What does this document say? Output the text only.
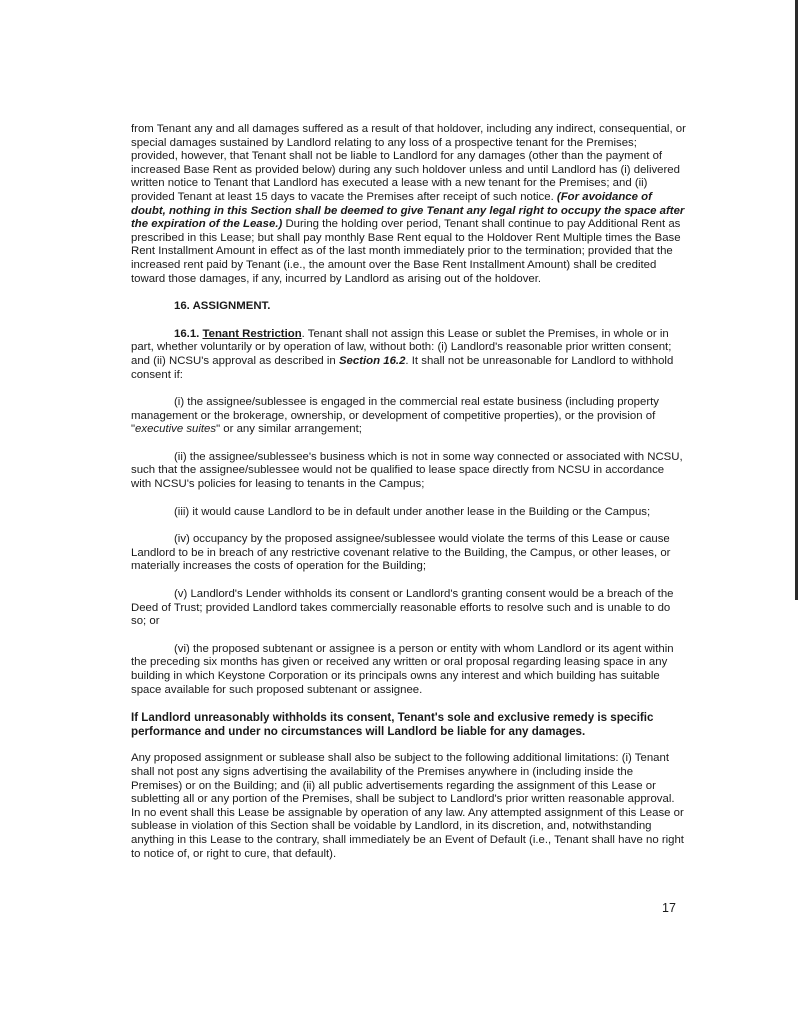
from Tenant any and all damages suffered as a result of that holdover, including any indirect, consequential, or special damages sustained by Landlord relating to any loss of a prospective tenant for the Premises; provided, however, that Tenant shall not be liable to Landlord for any damages (other than the payment of increased Base Rent as provided below) during any such holdover unless and until Landlord has (i) delivered written notice to Tenant that Landlord has executed a lease with a new tenant for the Premises; and (ii) provided Tenant at least 15 days to vacate the Premises after receipt of such notice. (For avoidance of doubt, nothing in this Section shall be deemed to give Tenant any legal right to occupy the space after the expiration of the Lease.) During the holding over period, Tenant shall continue to pay Additional Rent as prescribed in this Lease; but shall pay monthly Base Rent equal to the Holdover Rent Multiple times the Base Rent Installment Amount in effect as of the last month immediately prior to the termination; provided that the increased rent paid by Tenant (i.e., the amount over the Base Rent Installment Amount) shall be credited toward those damages, if any, incurred by Landlord as arising out of the holdover.

16. ASSIGNMENT.

16.1. Tenant Restriction. Tenant shall not assign this Lease or sublet the Premises, in whole or in part, whether voluntarily or by operation of law, without both: (i) Landlord's reasonable prior written consent; and (ii) NCSU's approval as described in Section 16.2. It shall not be unreasonable for Landlord to withhold consent if:

(i) the assignee/sublessee is engaged in the commercial real estate business (including property management or the brokerage, ownership, or development of competitive properties), or the provision of "executive suites" or any similar arrangement;

(ii) the assignee/sublessee's business which is not in some way connected or associated with NCSU, such that the assignee/sublessee would not be qualified to lease space directly from NCSU in accordance with NCSU's policies for leasing to tenants in the Campus;

(iii) it would cause Landlord to be in default under another lease in the Building or the Campus;

(iv) occupancy by the proposed assignee/sublessee would violate the terms of this Lease or cause Landlord to be in breach of any restrictive covenant relative to the Building, the Campus, or other leases, or materially increases the costs of operation for the Building;

(v) Landlord's Lender withholds its consent or Landlord's granting consent would be a breach of the Deed of Trust; provided Landlord takes commercially reasonable efforts to resolve such and is unable to do so; or

(vi) the proposed subtenant or assignee is a person or entity with whom Landlord or its agent within the preceding six months has given or received any written or oral proposal regarding leasing space in any building in which Keystone Corporation or its principals owns any interest and which building has suitable space available for such proposed subtenant or assignee.

If Landlord unreasonably withholds its consent, Tenant's sole and exclusive remedy is specific performance and under no circumstances will Landlord be liable for any damages.

Any proposed assignment or sublease shall also be subject to the following additional limitations: (i) Tenant shall not post any signs advertising the availability of the Premises anywhere in (including inside the Premises) or on the Building; and (ii) all public advertisements regarding the assignment of this Lease or subletting all or any portion of the Premises, shall be subject to Landlord's prior written reasonable approval. In no event shall this Lease be assignable by operation of any law. Any attempted assignment of this Lease or sublease in violation of this Section shall be voidable by Landlord, in its discretion, and, notwithstanding anything in this Lease to the contrary, shall immediately be an Event of Default (i.e., Tenant shall have no right to notice of, or right to cure, that default).

17
